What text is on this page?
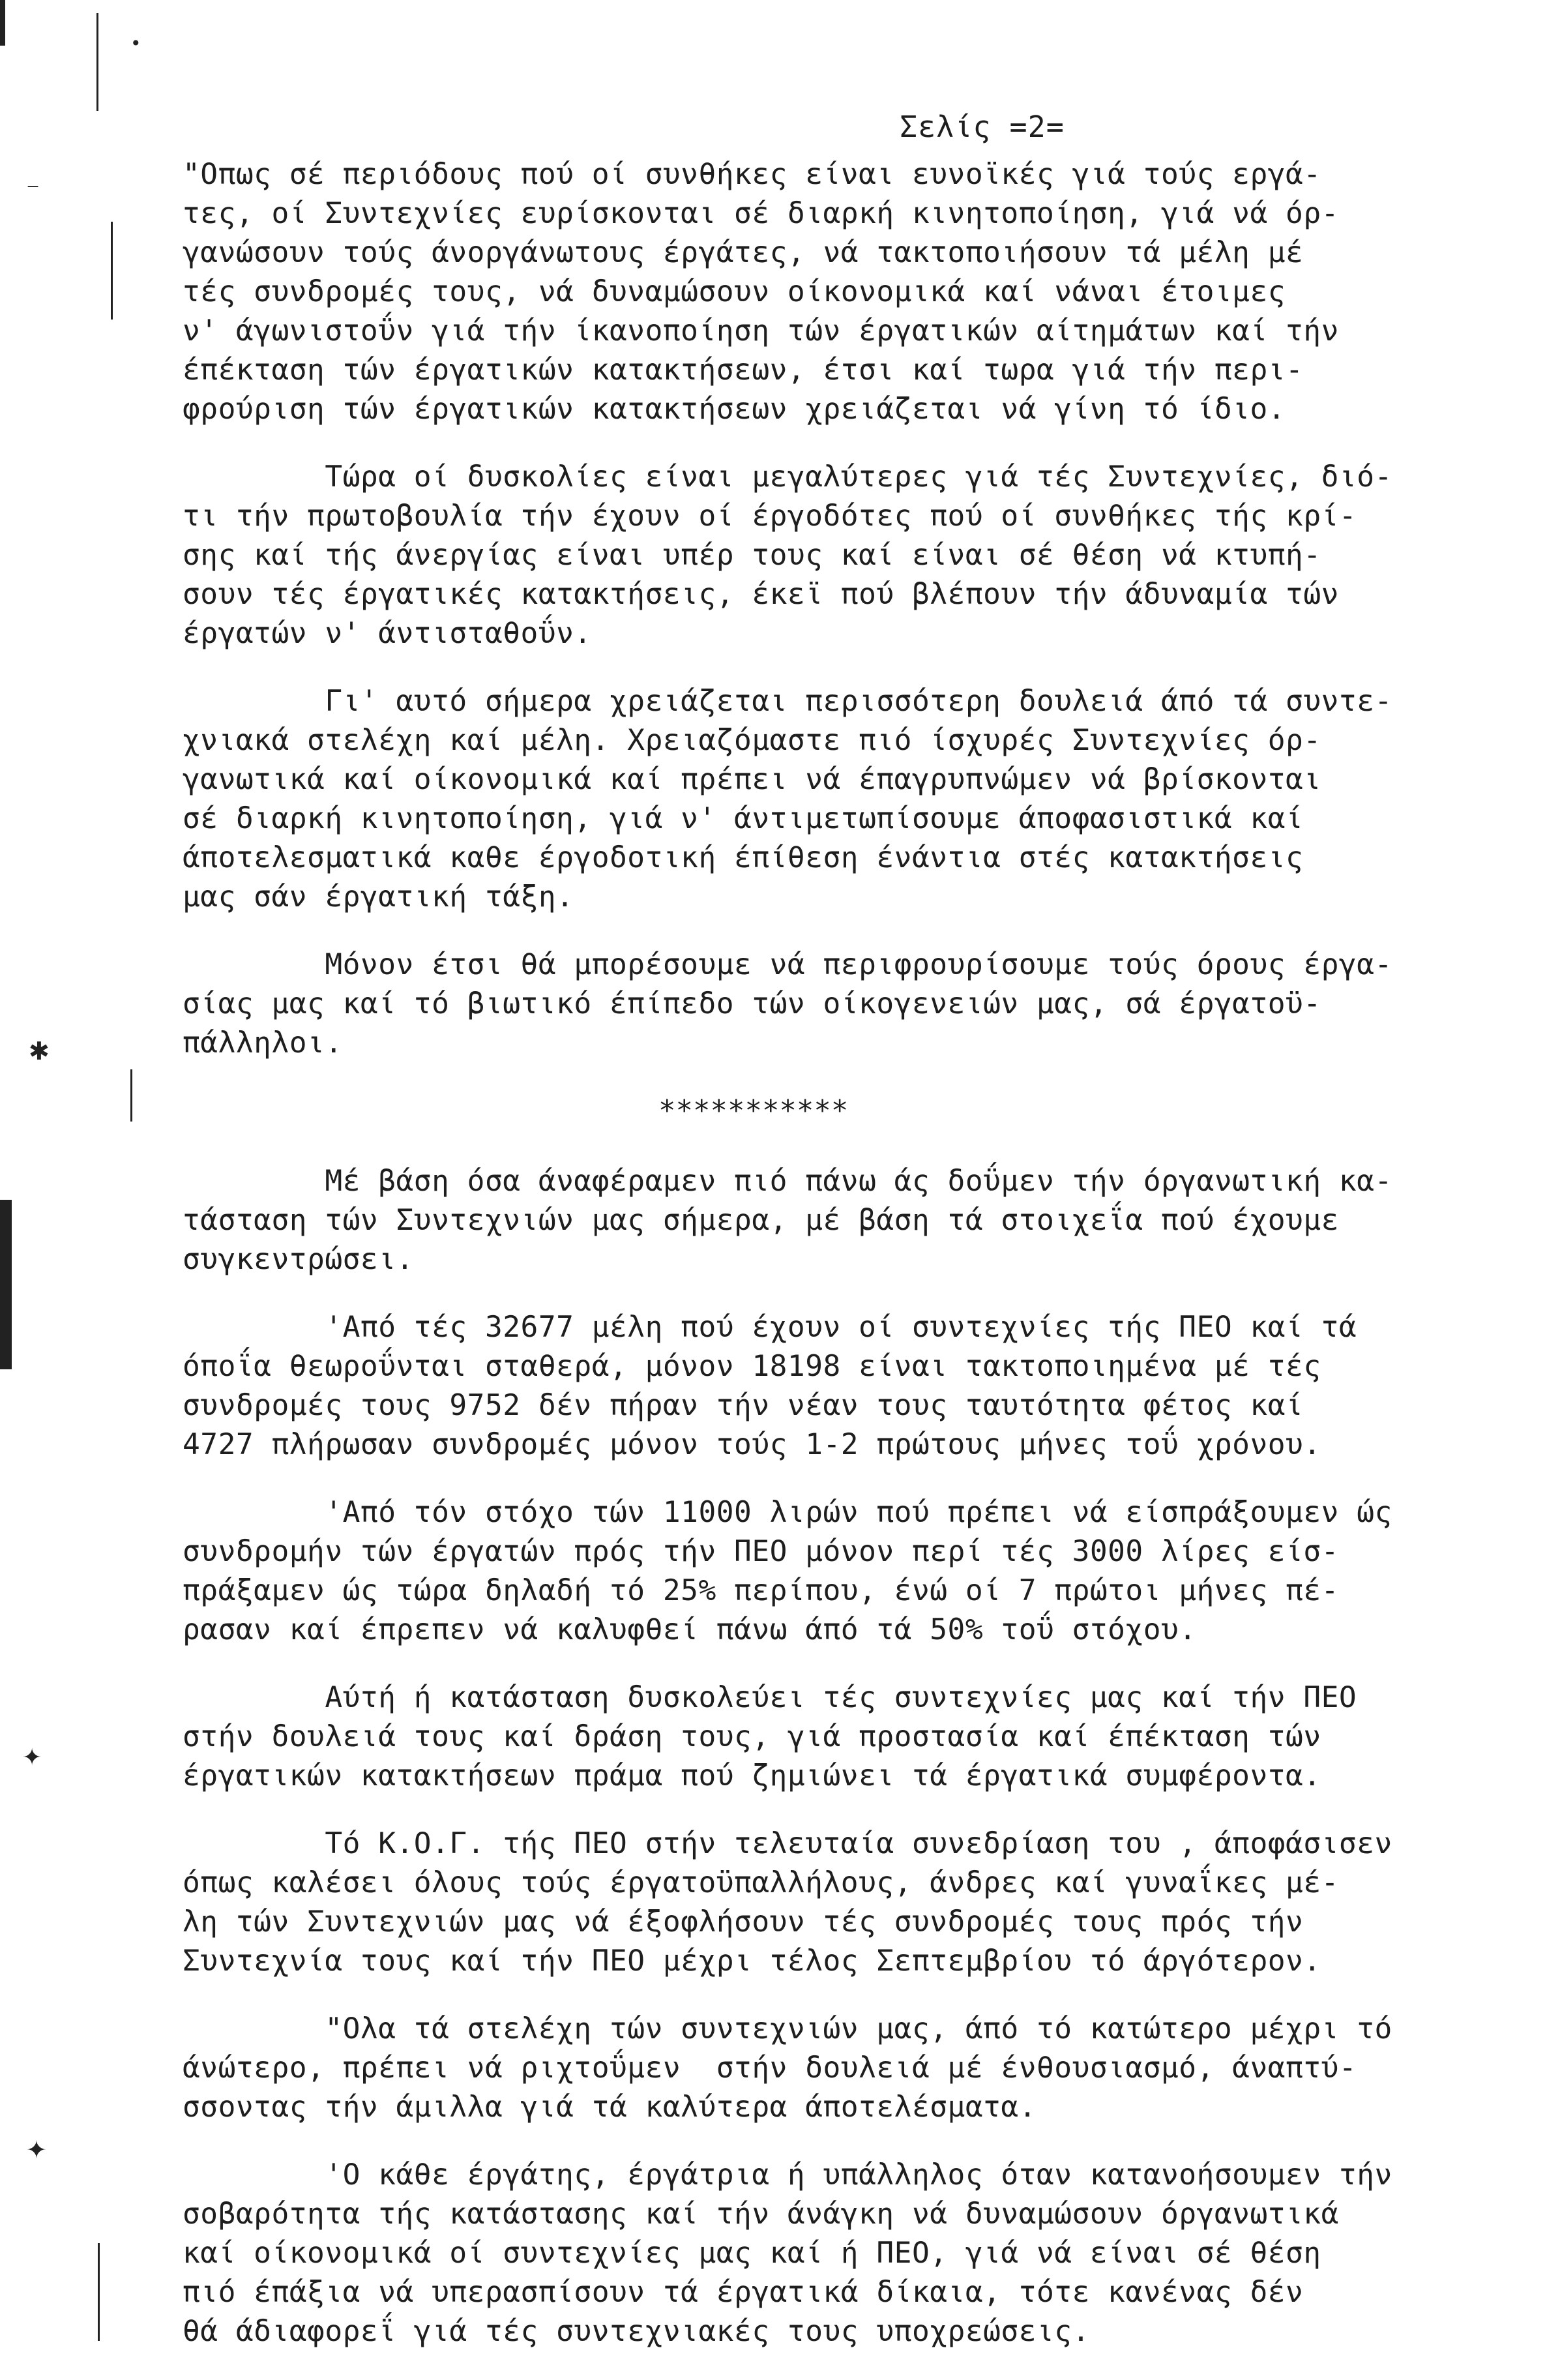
•
⁻
✱
✦
✦
Σελίς =2=
"Οπως σέ περιόδους πού οί συνθήκες είναι ευνοϊκές γιά τούς εργά-
τες, οί Συντεχνίες ευρίσκονται σέ διαρκή κινητοποίηση, γιά νά όρ-
γανώσουν τούς άνοργάνωτους έργάτες, νά τακτοποιήσουν τά μέλη μέ
τές συνδρομές τους, νά δυναμώσουν οίκονομικά καί νάναι έτοιμες
ν' άγωνιστοΰν γιά τήν ίκανοποίηση τών έργατικών αίτημάτων καί τήν
έπέκταση τών έργατικών κατακτήσεων, έτσι καί τωρα γιά τήν περι-
φρούριση τών έργατικών κατακτήσεων χρειάζεται νά γίνη τό ίδιο.
Τώρα οί δυσκολίες είναι μεγαλύτερες γιά τές Συντεχνίες, διό-
τι τήν πρωτοβουλία τήν έχουν οί έργοδότες πού οί συνθήκες τής κρί-
σης καί τής άνεργίας είναι υπέρ τους καί είναι σέ θέση νά κτυπή-
σουν τές έργατικές κατακτήσεις, έκεϊ πού βλέπουν τήν άδυναμία τών
έργατών ν' άντισταθοΰν.
Γι' αυτό σήμερα χρειάζεται περισσότερη δουλειά άπό τά συντε-
χνιακά στελέχη καί μέλη. Χρειαζόμαστε πιό ίσχυρές Συντεχνίες όρ-
γανωτικά καί οίκονομικά καί πρέπει νά έπαγρυπνώμεν νά βρίσκονται
σέ διαρκή κινητοποίηση, γιά ν' άντιμετωπίσουμε άποφασιστικά καί
άποτελεσματικά καθε έργοδοτική έπίθεση ένάντια στές κατακτήσεις
μας σάν έργατική τάξη.
Μόνον έτσι θά μπορέσουμε νά περιφρουρίσουμε τούς όρους έργα-
σίας μας καί τό βιωτικό έπίπεδο τών οίκογενειών μας, σά έργατοϋ-
πάλληλοι.
***********
Μέ βάση όσα άναφέραμεν πιό πάνω άς δοΰμεν τήν όργανωτική κα-
τάσταση τών Συντεχνιών μας σήμερα, μέ βάση τά στοιχεΐα πού έχουμε
συγκεντρώσει.
'Από τές 32677 μέλη πού έχουν οί συντεχνίες τής ΠΕΟ καί τά
όποΐα θεωροΰνται σταθερά, μόνον 18198 είναι τακτοποιημένα μέ τές
συνδρομές τους 9752 δέν πήραν τήν νέαν τους ταυτότητα φέτος καί
4727 πλήρωσαν συνδρομές μόνον τούς 1-2 πρώτους μήνες τοΰ χρόνου.
'Από τόν στόχο τών 11000 λιρών πού πρέπει νά είσπράξουμεν ώς
συνδρομήν τών έργατών πρός τήν ΠΕΟ μόνον περί τές 3000 λίρες είσ-
πράξαμεν ώς τώρα δηλαδή τό 25% περίπου, ένώ οί 7 πρώτοι μήνες πέ-
ρασαν καί έπρεπεν νά καλυφθεί πάνω άπό τά 50% τοΰ στόχου.
Αύτή ή κατάσταση δυσκολεύει τές συντεχνίες μας καί τήν ΠΕΟ
στήν δουλειά τους καί δράση τους, γιά προστασία καί έπέκταση τών
έργατικών κατακτήσεων πράμα πού ζημιώνει τά έργατικά συμφέροντα.
Τό Κ.Ο.Γ. τής ΠΕΟ στήν τελευταία συνεδρίαση του , άποφάσισεν
όπως καλέσει όλους τούς έργατοϋπαλλήλους, άνδρες καί γυναΐκες μέ-
λη τών Συντεχνιών μας νά έξοφλήσουν τές συνδρομές τους πρός τήν
Συντεχνία τους καί τήν ΠΕΟ μέχρι τέλος Σεπτεμβρίου τό άργότερον.
"Ολα τά στελέχη τών συντεχνιών μας, άπό τό κατώτερο μέχρι τό
άνώτερο, πρέπει νά ριχτοΰμεν  στήν δουλειά μέ ένθουσιασμό, άναπτύ-
σσοντας τήν άμιλλα γιά τά καλύτερα άποτελέσματα.
'Ο κάθε έργάτης, έργάτρια ή υπάλληλος όταν κατανοήσουμεν τήν
σοβαρότητα τής κατάστασης καί τήν άνάγκη νά δυναμώσουν όργανωτικά
καί οίκονομικά οί συντεχνίες μας καί ή ΠΕΟ, γιά νά είναι σέ θέση
πιό έπάξια νά υπερασπίσουν τά έργατικά δίκαια, τότε κανένας δέν
θά άδιαφορεΐ γιά τές συντεχνιακές τους υποχρεώσεις.
